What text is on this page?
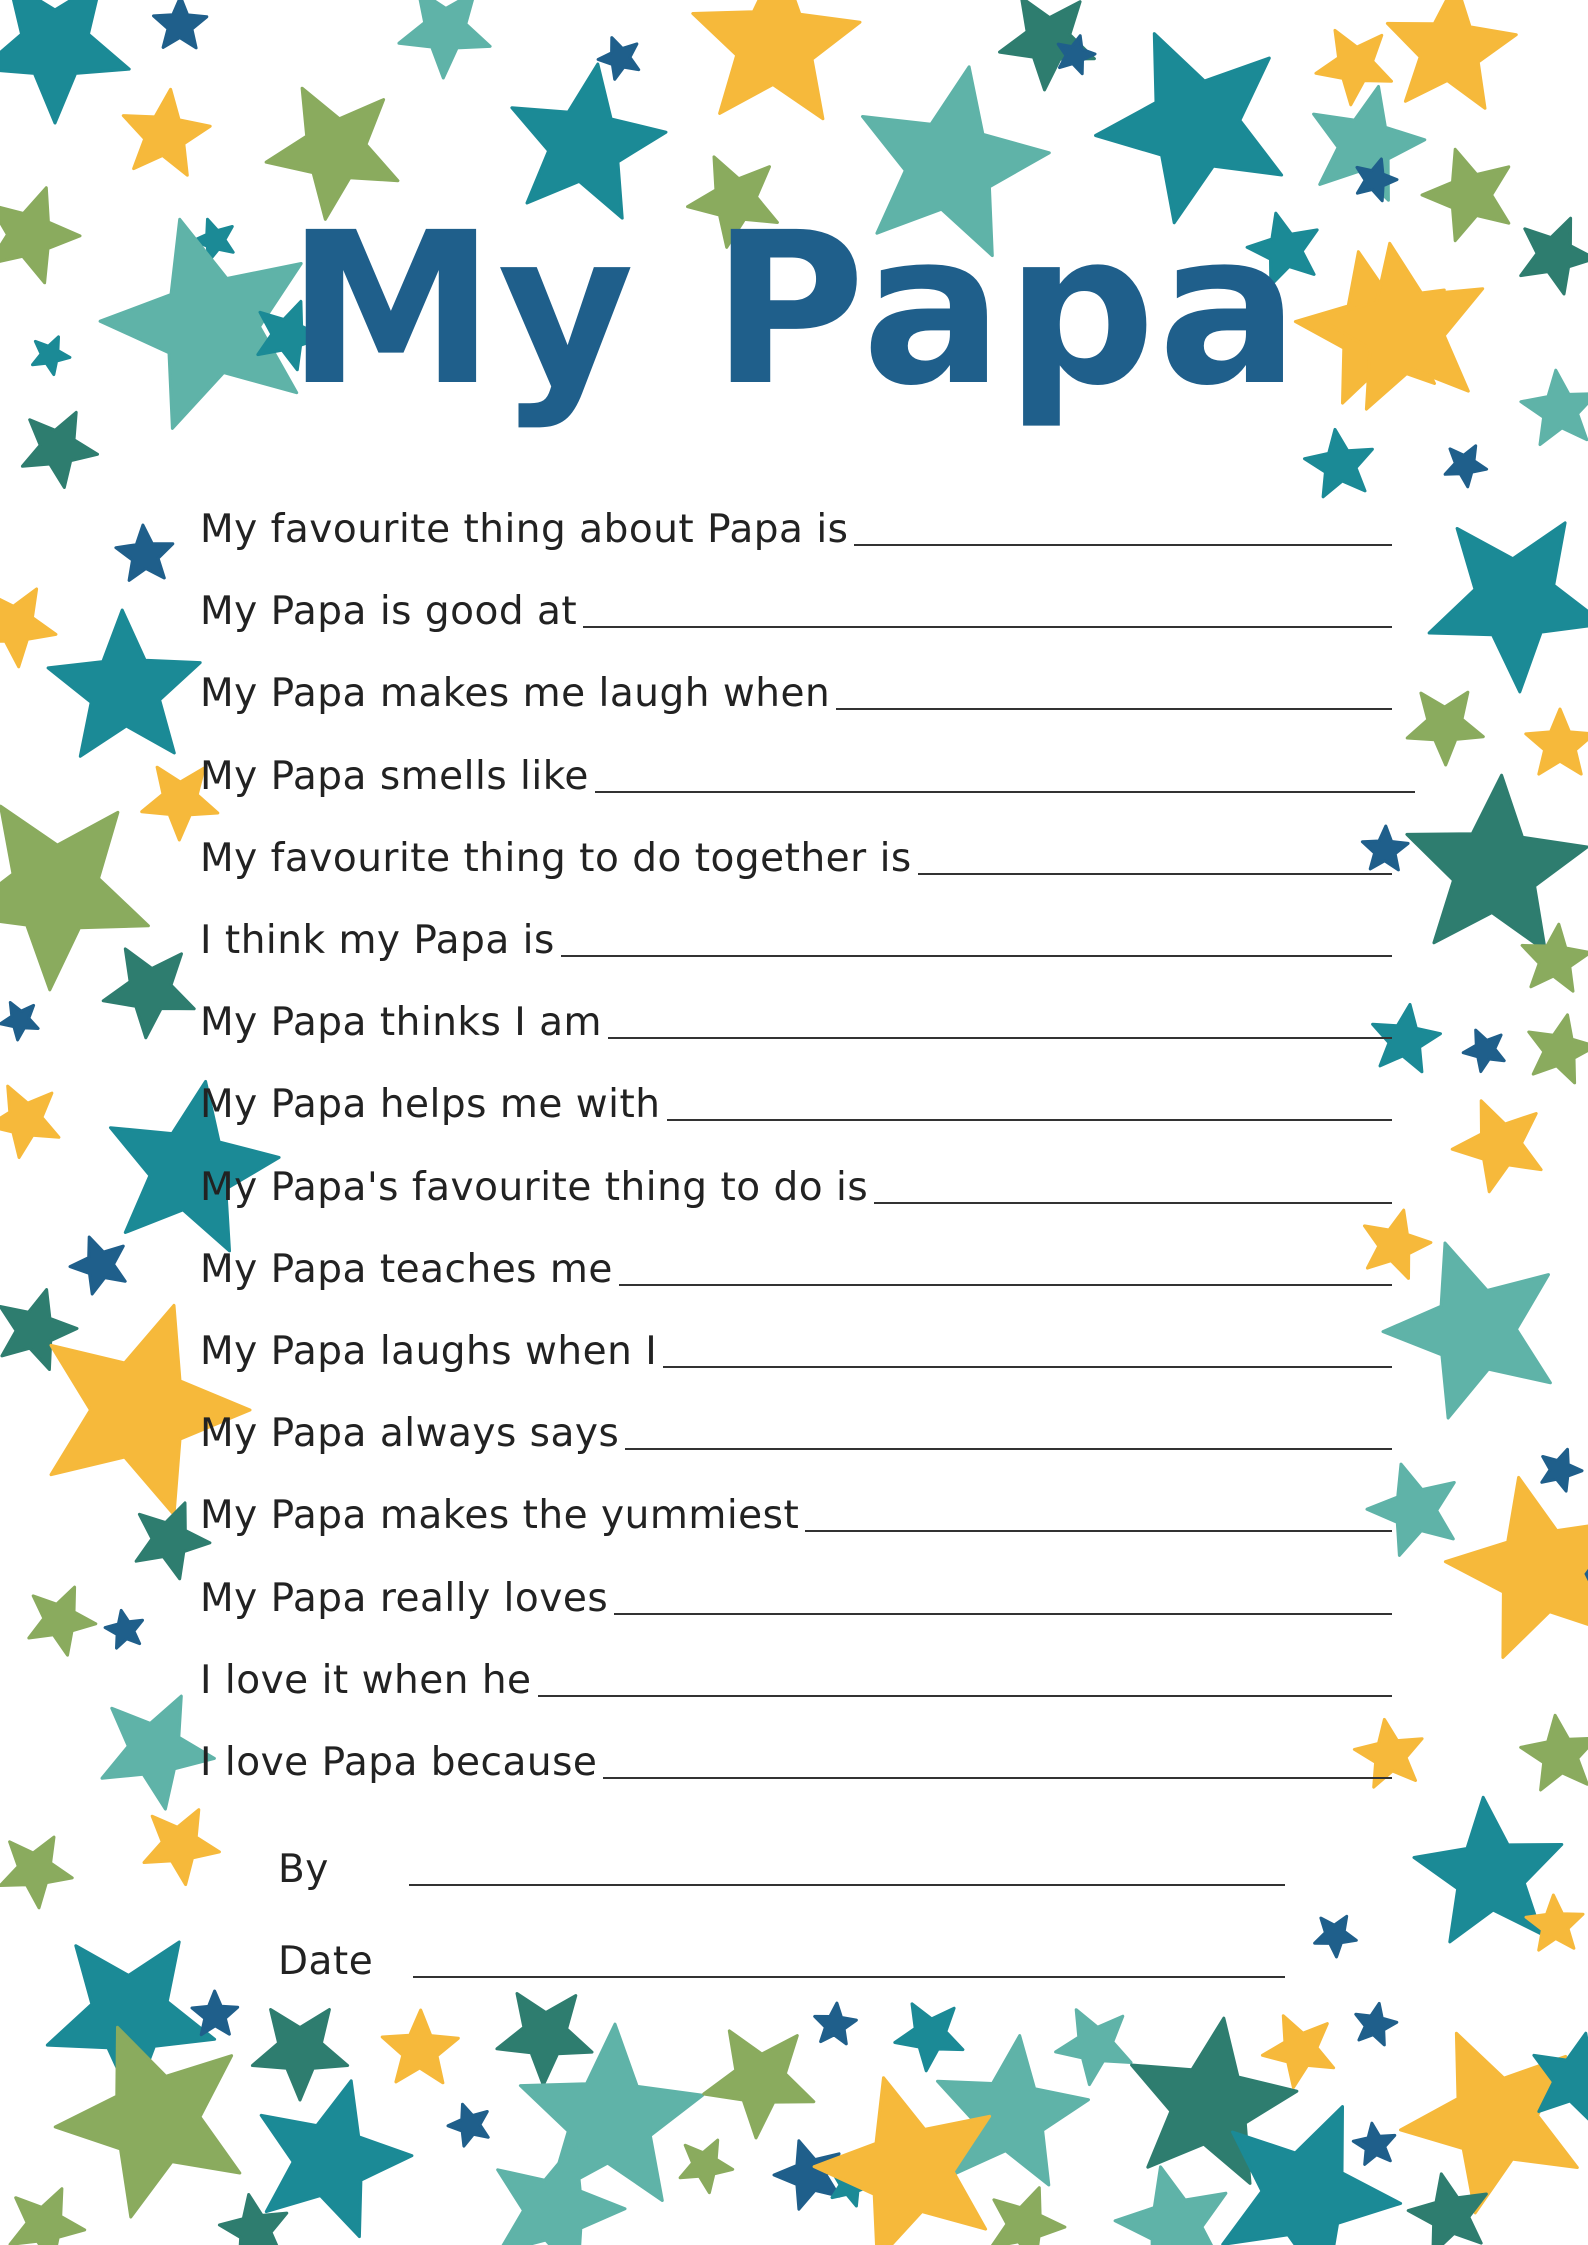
My Papa
My favourite thing about Papa is
My Papa is good at
My Papa makes me laugh when
My Papa smells like
My favourite thing to do together is
I think my Papa is
My Papa thinks I am
My Papa helps me with
My Papa's favourite thing to do is
My Papa teaches me
My Papa laughs when I
My Papa always says
My Papa makes the yummiest
My Papa really loves
I love it when he
I love Papa because
By
Date
